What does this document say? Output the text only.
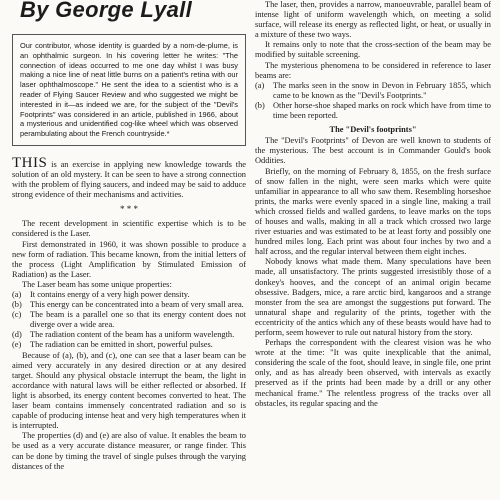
By George Lyall
Our contributor, whose identity is guarded by a nom-de-plume, is an ophthalmic surgeon. In his covering letter he writes: "The connection of ideas occurred to me one day whilst I was busy making a nice line of neat little burns on a patient's retina with our laser ophthalmoscope." He sent the idea to a scientist who is a reader of Flying Saucer Review and who suggested we might be interested in it—as indeed we are, for the subject of the "Devil's Footprints" was considered in an article, published in 1966, about a mysterious and unidentified cog-like wheel which was observed perambulating about the French countryside.*

THIS is an exercise in applying new knowledge towards the solution of an old mystery. It can be seen to have a strong connection with the problem of flying saucers, and indeed may be said to adduce strong evidence of their mechanisms and activities.

* * *

The recent development in scientific expertise which is to be considered is the Laser.

First demonstrated in 1960, it was shown possible to produce a new form of radiation. This became known, from the initial letters of the process (Light Amplification by Stimulated Emission of Radiation) as the Laser.

The Laser beam has some unique properties:

(a)	It contains energy of a very high power density.
(b) This energy can be concentrated into a beam of very small area.
(c)	The beam is a parallel one so that its energy content does not diverge over a wide area.
(d) The radiation content of the beam has a uniform wavelength.
(e)	The radiation can be emitted in short, powerful pulses.

Because of (a), (b), and (c), one can see that a laser beam can be aimed very accurately in any desired direction or at any desired target. Should any physical obstacle interrupt the beam, the light in accordance with natural laws will be either reflected or absorbed. If light is absorbed, its energy content becomes converted to heat. The laser beam contains immensely concentrated radiation and so is capable of producing intense heat and very high temperatures when it is interrupted.

The properties (d) and (e) are also of value. It enables the beam to be used as a very accurate distance measurer, or range finder. This can be done by timing the travel of single pulses through the varying distances of the

The laser, then, provides a narrow, manoeuvrable, parallel beam of intense light of uniform wavelength which, on meeting a solid surface, will release its energy as reflected light, or heat, or usually in a mixture of these two ways.

It remains only to note that the cross-section of the beam may be modified by suitable screening.

The mysterious phenomena to be considered in reference to laser beams are:

(a)	The marks seen in the snow in Devon in February 1855, which came to be known as the "Devil's Footprints."
(b) Other horse-shoe shaped marks on rock which have from time to time been reported.
The "Devil's footprints"

The "Devil's Footprints" of Devon are well known to students of the mysterious. The best account is in Commander Gould's book Oddities.

Briefly, on the morning of February 8, 1855, on the fresh surface of snow fallen in the night, were seen marks which were quite unfamiliar in appearance to all who saw them. Resembling horseshoe prints, the marks were evenly spaced in a single line, making a trail which crossed fields and walled gardens, to leave marks on the tops of houses and walls, making in all a track which crossed two large river estuaries and was estimated to be at least forty and possibly one hundred miles long. Each print was about four inches by two and a half across, and the regular interval between them eight inches.

Nobody knows what made them. Many speculations have been made, all unsatisfactory. The prints suggested irresistibly those of a donkey's hooves, and the concept of an animal origin became obsessive. Badgers, mice, a rare arctic bird, kangaroos and a strange monster from the sea are amongst the suggestions put forward. The unnatural shape and regularity of the prints, together with the eccentricity of the antics which any of these beasts would have had to perform, seem however to rule out natural history from the story.

Perhaps the correspondent with the clearest vision was he who wrote at the time: "It was quite inexplicable that the animal, considering the scale of the foot, should leave, in single file, one print only, and as has already been observed, with intervals as exactly preserved as if the prints had been made by a drill or any other mechanical frame." The relentless progress of the tracks over all obstacles, its regular spacing and the
